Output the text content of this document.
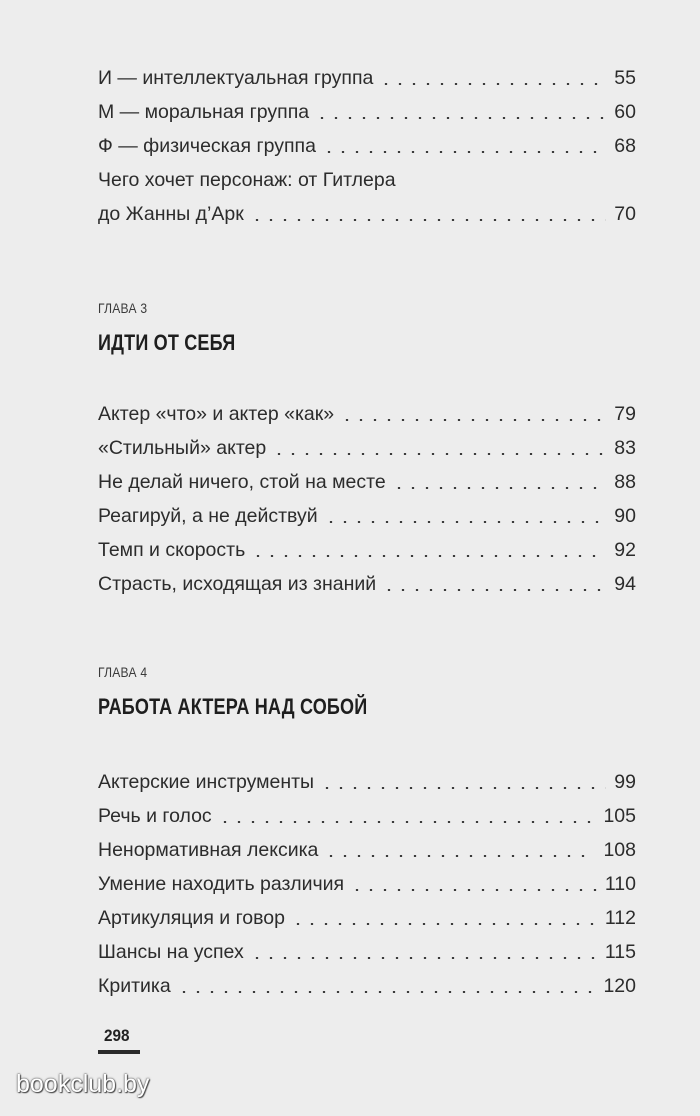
И — интеллектуальная группа	55
М — моральная группа	60
Ф — физическая группа	68
Чего хочет персонаж: от Гитлера
до Жанны д’Арк	70
ГЛАВА 3
ИДТИ ОТ СЕБЯ
Актер «что» и актер «как»	79
«Стильный» актер	83
Не делай ничего, стой на месте	88
Реагируй, а не действуй	90
Темп и скорость	92
Страсть, исходящая из знаний	94
ГЛАВА 4
РАБОТА АКТЕРА НАД СОБОЙ
Актерские инструменты	99
Речь и голос	105
Ненормативная лексика	108
Умение находить различия	110
Артикуляция и говор	112
Шансы на успех	115
Критика	120
298
bookclub.by
